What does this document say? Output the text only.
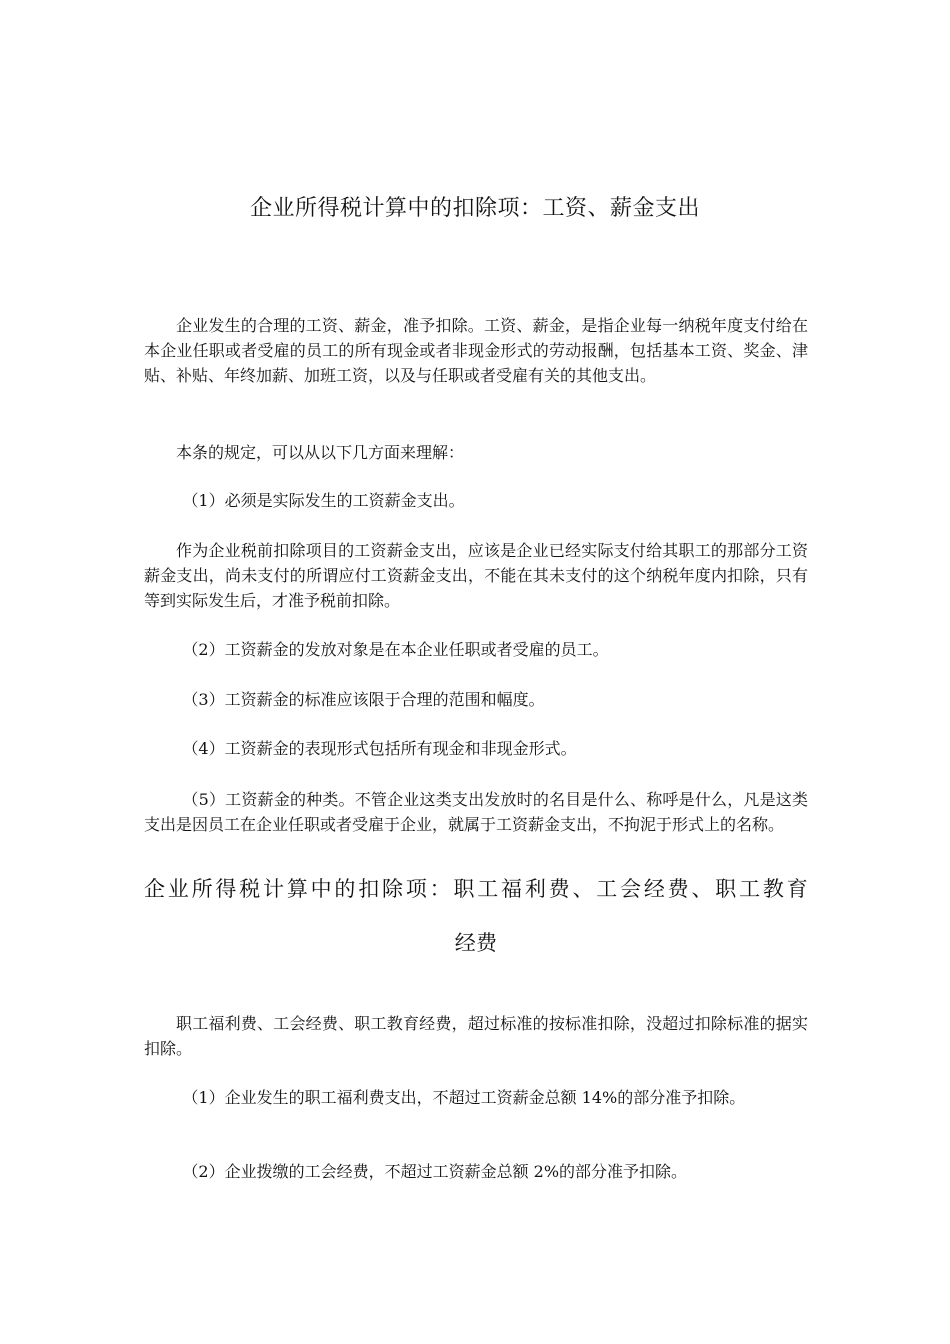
企业所得税计算中的扣除项：工资、薪金支出

企业发生的合理的工资、薪金，准予扣除。工资、薪金，是指企业每一纳税年度支付给在本企业任职或者受雇的员工的所有现金或者非现金形式的劳动报酬，包括基本工资、奖金、津贴、补贴、年终加薪、加班工资，以及与任职或者受雇有关的其他支出。

本条的规定，可以从以下几方面来理解：

（1）必须是实际发生的工资薪金支出。

作为企业税前扣除项目的工资薪金支出，应该是企业已经实际支付给其职工的那部分工资薪金支出，尚未支付的所谓应付工资薪金支出，不能在其未支付的这个纳税年度内扣除，只有等到实际发生后，才准予税前扣除。

（2）工资薪金的发放对象是在本企业任职或者受雇的员工。

（3）工资薪金的标准应该限于合理的范围和幅度。

（4）工资薪金的表现形式包括所有现金和非现金形式。

（5）工资薪金的种类。不管企业这类支出发放时的名目是什么、称呼是什么，凡是这类支出是因员工在企业任职或者受雇于企业，就属于工资薪金支出，不拘泥于形式上的名称。

企业所得税计算中的扣除项：职工福利费、工会经费、职工教育
经费

职工福利费、工会经费、职工教育经费，超过标准的按标准扣除，没超过扣除标准的据实扣除。

（1）企业发生的职工福利费支出，不超过工资薪金总额 14%的部分准予扣除。

（2）企业拨缴的工会经费，不超过工资薪金总额 2%的部分准予扣除。
